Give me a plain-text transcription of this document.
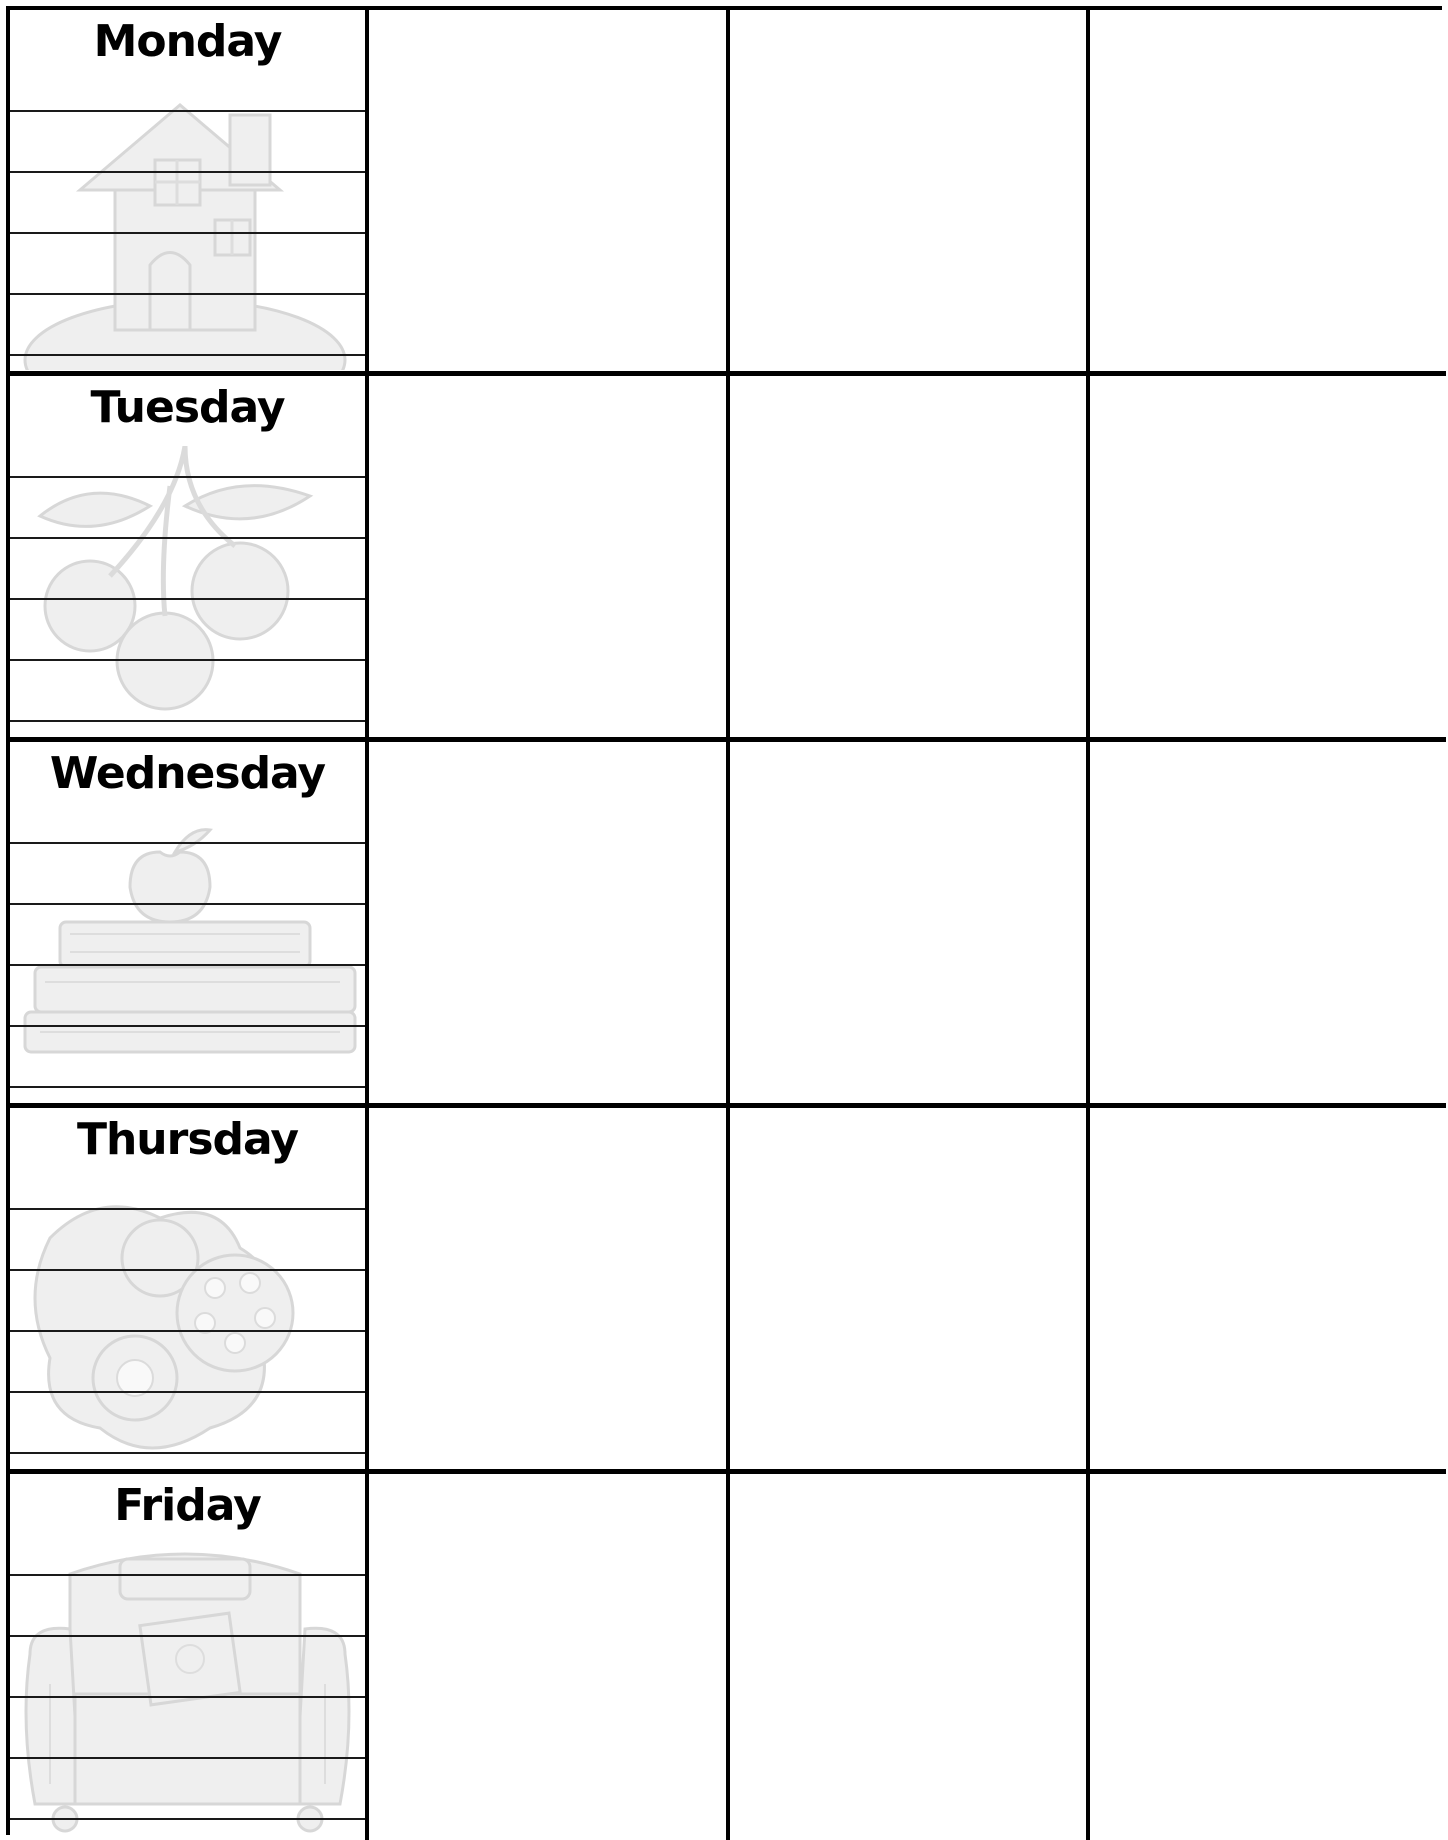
Monday
Tuesday
Wednesday
Thursday
Friday
